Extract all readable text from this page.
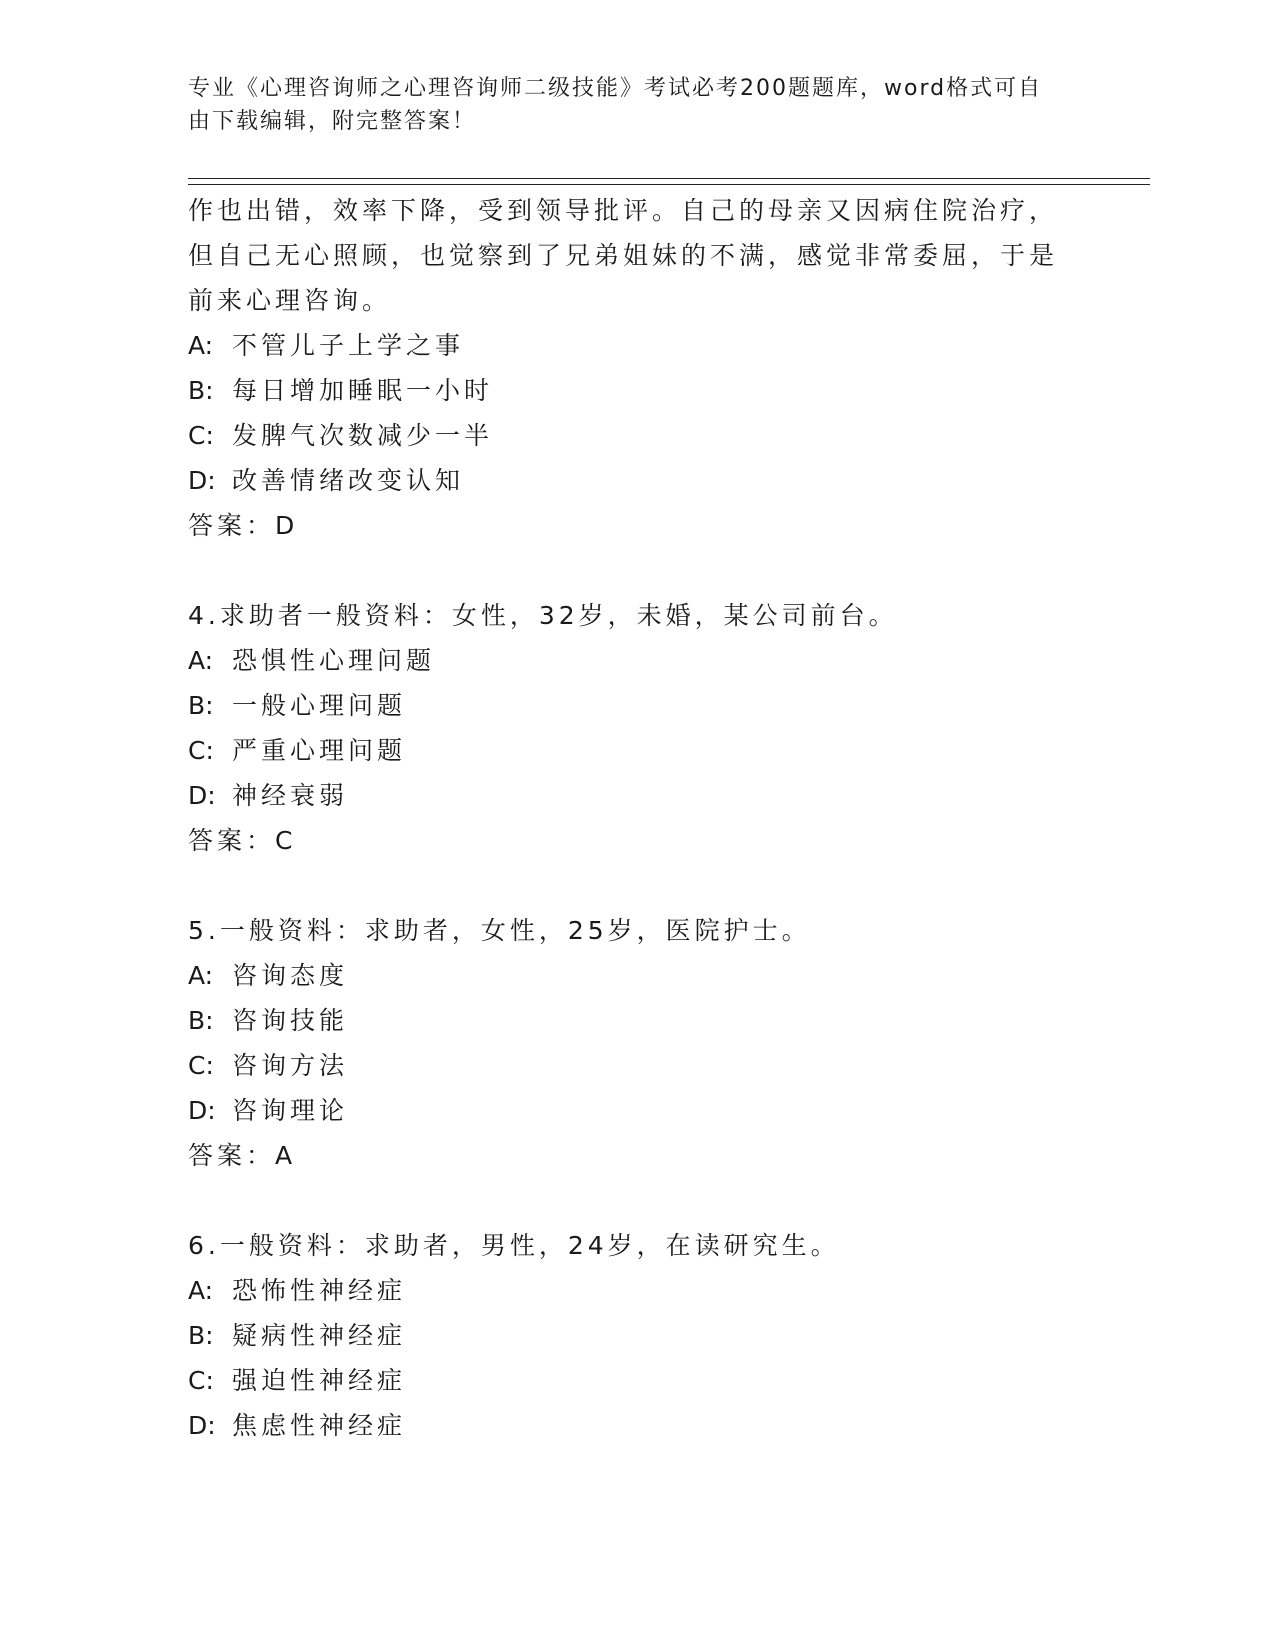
专业《心理咨询师之心理咨询师二级技能》考试必考200题题库，word格式可自
由下载编辑，附完整答案！
作也出错，效率下降，受到领导批评。自己的母亲又因病住院治疗，
但自己无心照顾，也觉察到了兄弟姐妹的不满，感觉非常委屈，于是
前来心理咨询。
A: 不管儿子上学之事
B: 每日增加睡眠一小时
C: 发脾气次数减少一半
D: 改善情绪改变认知
答案：D
4.求助者一般资料：女性，32岁，未婚，某公司前台。
A: 恐惧性心理问题
B: 一般心理问题
C: 严重心理问题
D: 神经衰弱
答案：C
5.一般资料：求助者，女性，25岁，医院护士。
A: 咨询态度
B: 咨询技能
C: 咨询方法
D: 咨询理论
答案：A
6.一般资料：求助者，男性，24岁，在读研究生。
A: 恐怖性神经症
B: 疑病性神经症
C: 强迫性神经症
D: 焦虑性神经症
